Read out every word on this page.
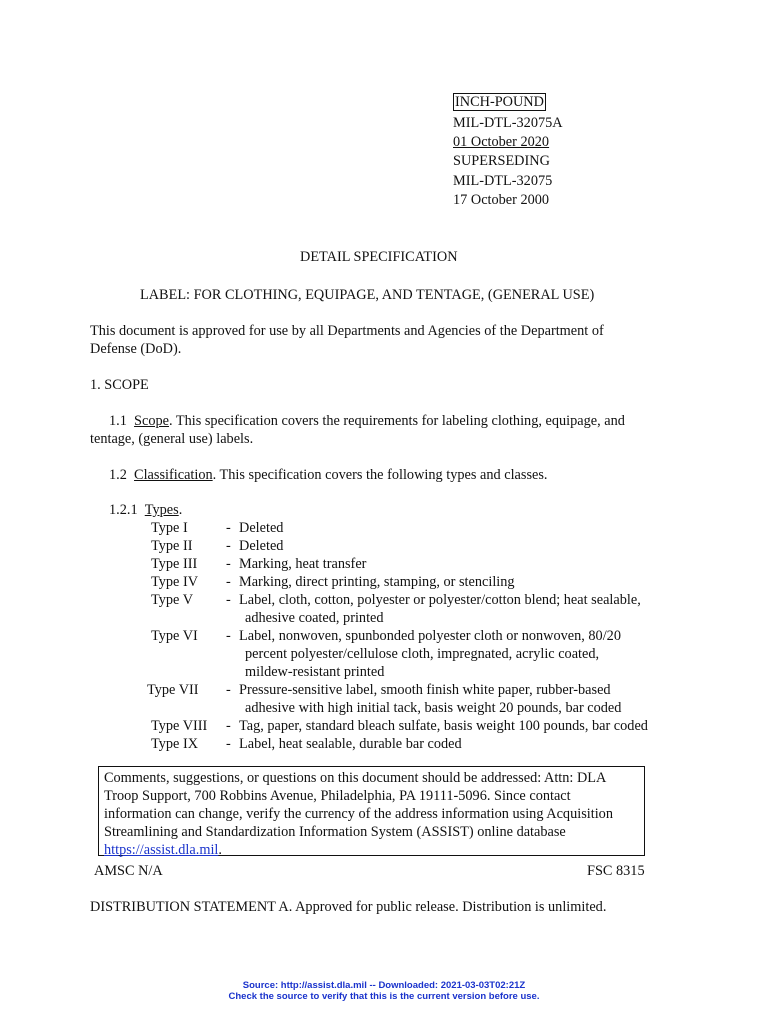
INCH-POUND
MIL-DTL-32075A
01 October 2020
SUPERSEDING
MIL-DTL-32075
17 October 2000
DETAIL SPECIFICATION
LABEL: FOR CLOTHING, EQUIPAGE, AND TENTAGE, (GENERAL USE)
This document is approved for use by all Departments and Agencies of the Department of
Defense (DoD).
1. SCOPE
1.1 Scope. This specification covers the requirements for labeling clothing, equipage, and
tentage, (general use) labels.
1.2 Classification. This specification covers the following types and classes.
1.2.1 Types.
Type I	- Deleted
Type II - Deleted
Type III - Marking, heat transfer
Type IV - Marking, direct printing, stamping, or stenciling
Type V - Label, cloth, cotton, polyester or polyester/cotton blend; heat sealable,
adhesive coated, printed
Type VI - Label, nonwoven, spunbonded polyester cloth or nonwoven, 80/20
percent polyester/cellulose cloth, impregnated, acrylic coated,
mildew-resistant printed
Type VII - Pressure-sensitive label, smooth finish white paper, rubber-based
adhesive with high initial tack, basis weight 20 pounds, bar coded
Type VIII - Tag, paper, standard bleach sulfate, basis weight 100 pounds, bar coded
Type IX - Label, heat sealable, durable bar coded
Comments, suggestions, or questions on this document should be addressed: Attn: DLA
Troop Support, 700 Robbins Avenue, Philadelphia, PA 19111-5096. Since contact
information can change, verify the currency of the address information using Acquisition
Streamlining and Standardization Information System (ASSIST) online database
https://assist.dla.mil.
AMSC N/A	FSC 8315
DISTRIBUTION STATEMENT A. Approved for public release. Distribution is unlimited.
Source: http://assist.dla.mil -- Downloaded: 2021-03-03T02:21Z
Check the source to verify that this is the current version before use.
